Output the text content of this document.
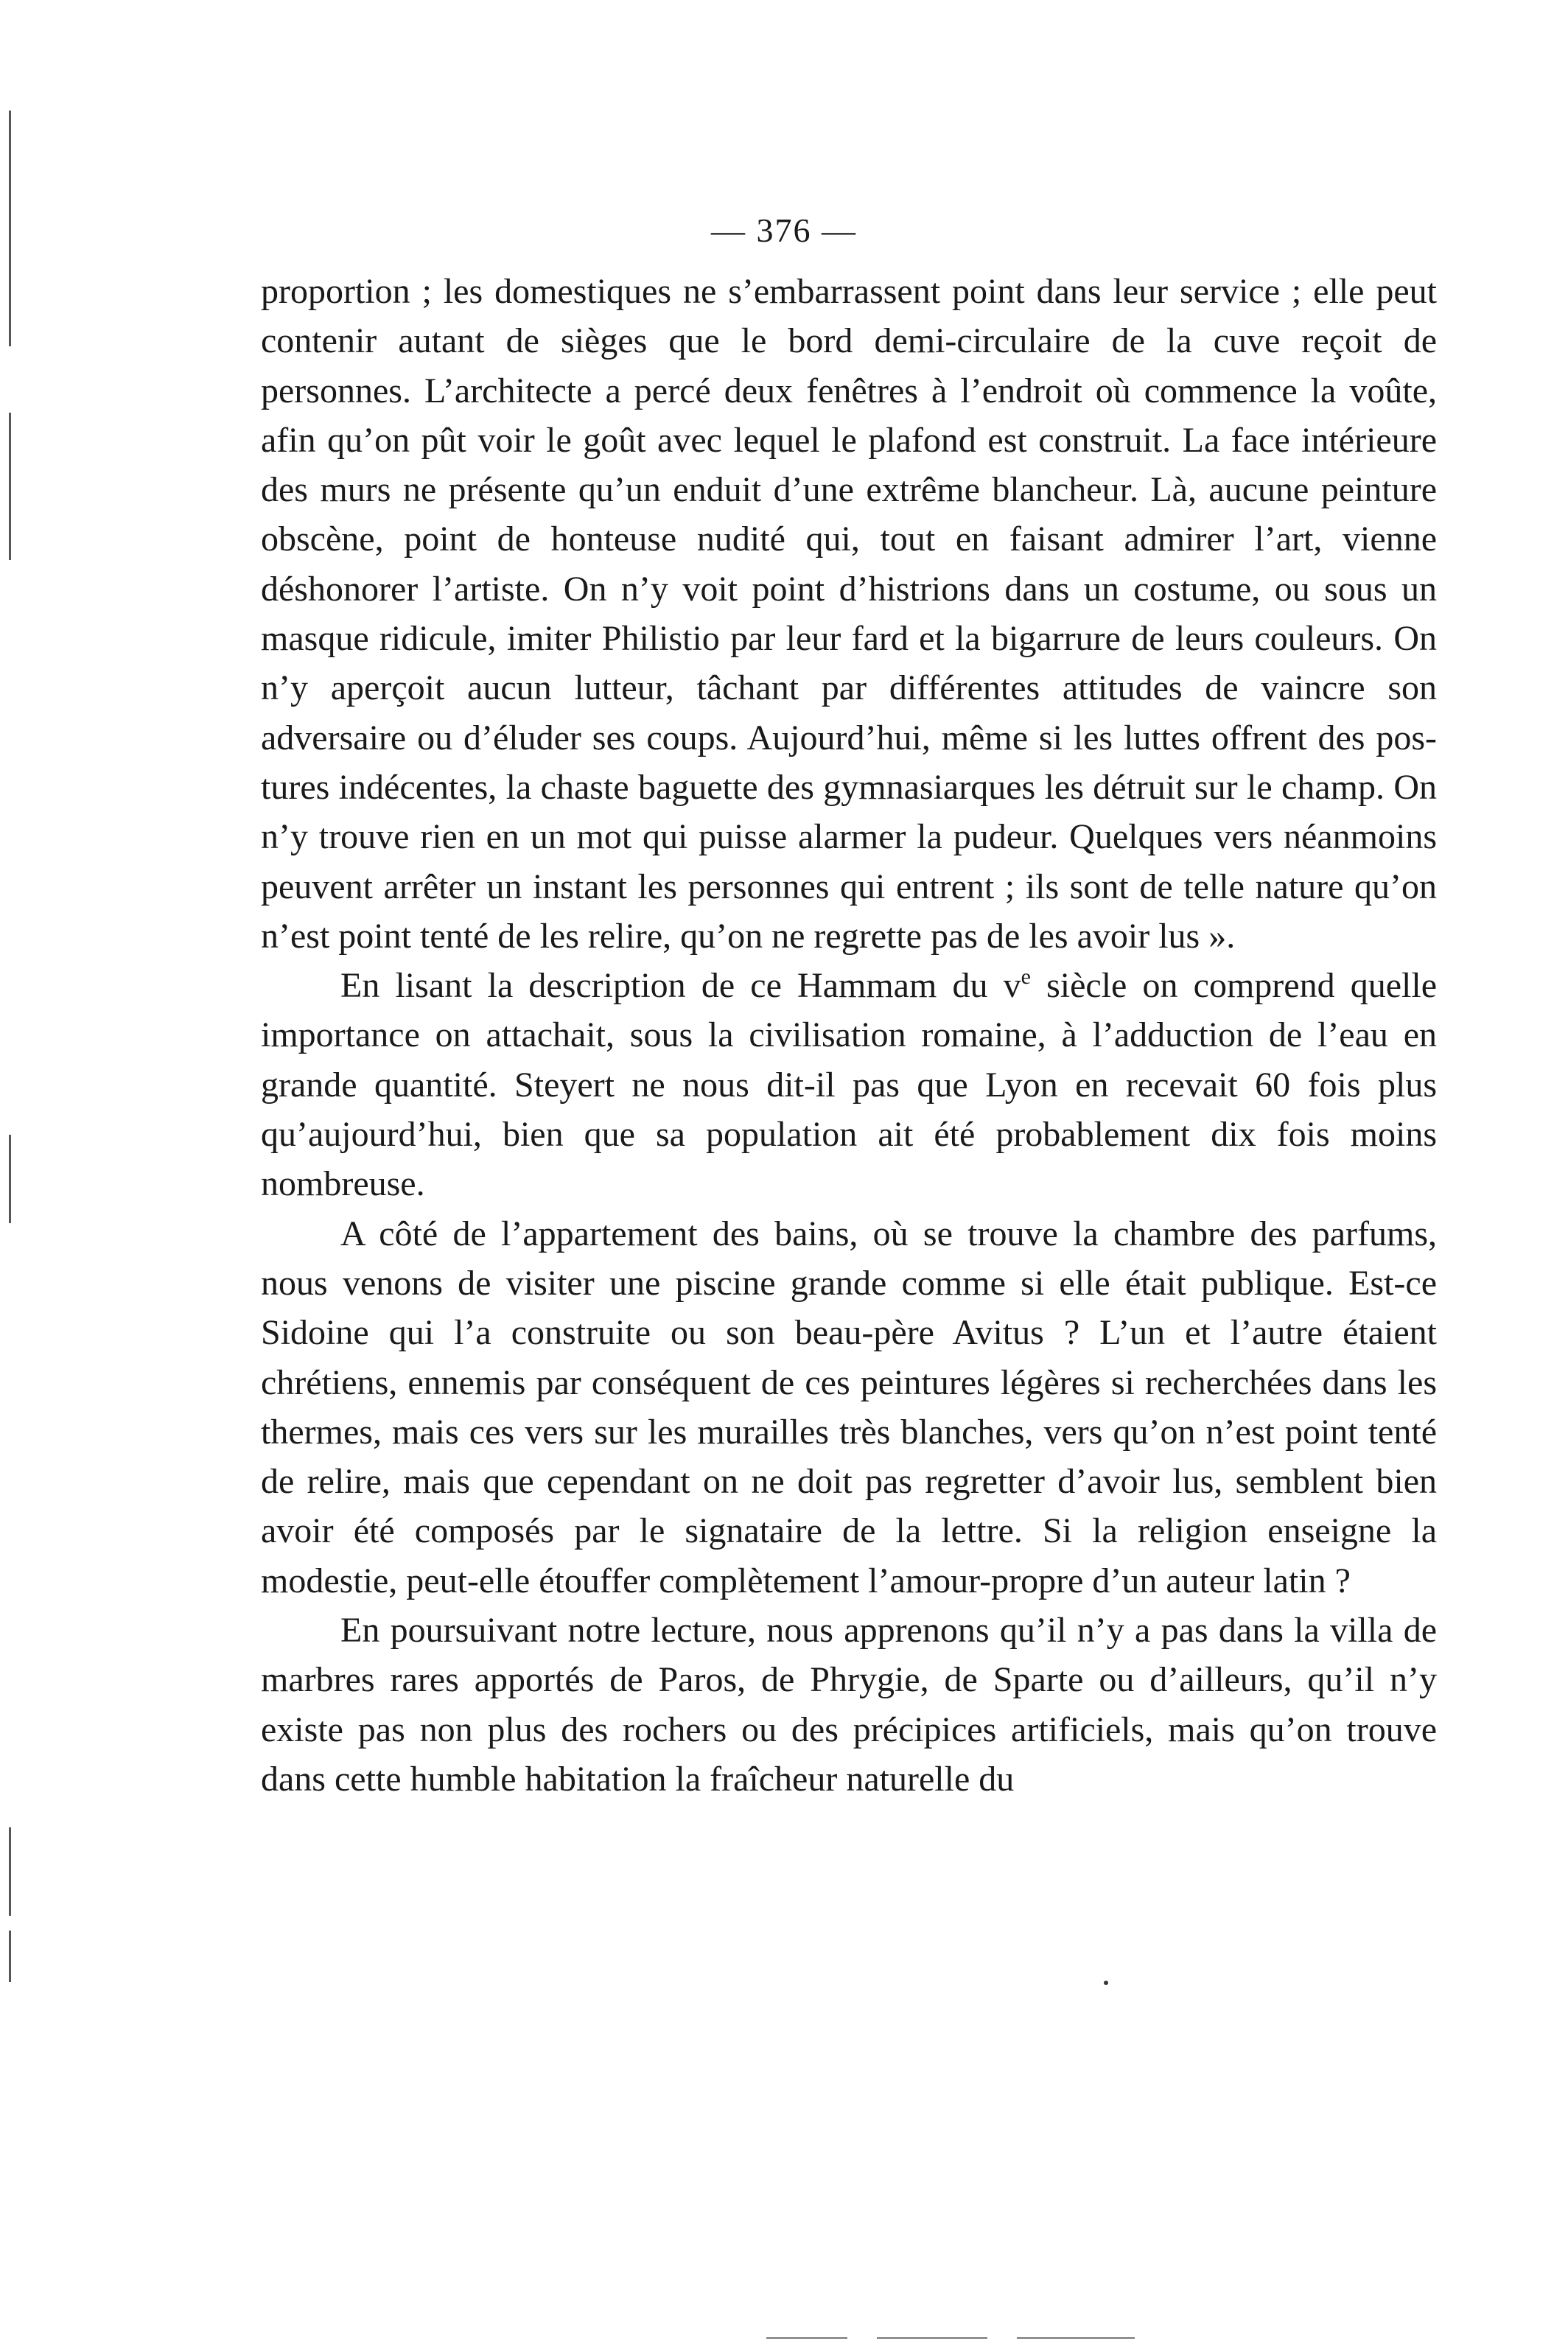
— 376 —

proportion ; les domestiques ne s’embarrassent point dans leur service ; elle peut contenir autant de sièges que le bord demi-circulaire de la cuve reçoit de personnes. L’architecte a percé deux fenêtres à l’endroit où commence la voûte, afin qu’on pût voir le goût avec lequel le plafond est construit. La face intérieure des murs ne présente qu’un enduit d’une extrême blancheur. Là, aucune peinture obscène, point de honteuse nudité qui, tout en faisant admirer l’art, vienne déshonorer l’artiste. On n’y voit point d’histrions dans un costume, ou sous un masque ridicule, imiter Philistio par leur fard et la bigarrure de leurs couleurs. On n’y aperçoit aucun lutteur, tâchant par différentes attitudes de vaincre son adversaire ou d’éluder ses coups. Aujourd’hui, même si les luttes offrent des postures indécentes, la chaste baguette des gymnasiarques les détruit sur le champ. On n’y trouve rien en un mot qui puisse alarmer la pudeur. Quelques vers néanmoins peuvent arrêter un instant les personnes qui entrent ; ils sont de telle nature qu’on n’est point tenté de les relire, qu’on ne regrette pas de les avoir lus ».

En lisant la description de ce Hammam du $v^e$ siècle on comprend quelle importance on attachait, sous la civilisation romaine, à l’adduction de l’eau en grande quantité. Steyert ne nous dit-il pas que Lyon en recevait 60 fois plus qu’aujourd’hui, bien que sa population ait été probablement dix fois moins nombreuse.

A côté de l’appartement des bains, où se trouve la chambre des parfums, nous venons de visiter une piscine grande comme si elle était publique. Est-ce Sidoine qui l’a construite ou son beau-père Avitus ? L’un et l’autre étaient chrétiens, ennemis par conséquent de ces peintures légères si recherchées dans les thermes, mais ces vers sur les murailles très blanches, vers qu’on n’est point tenté de relire, mais que cependant on ne doit pas regretter d’avoir lus, semblent bien avoir été composés par le signataire de la lettre. Si la religion enseigne la modestie, peut-elle étouffer complètement l’amour-propre d’un auteur latin ?

En poursuivant notre lecture, nous apprenons qu’il n’y a pas dans la villa de marbres rares apportés de Paros, de Phrygie, de Sparte ou d’ailleurs, qu’il n’y existe pas non plus des rochers ou des précipices artificiels, mais qu’on trouve dans cette humble habitation la fraîcheur naturelle du
